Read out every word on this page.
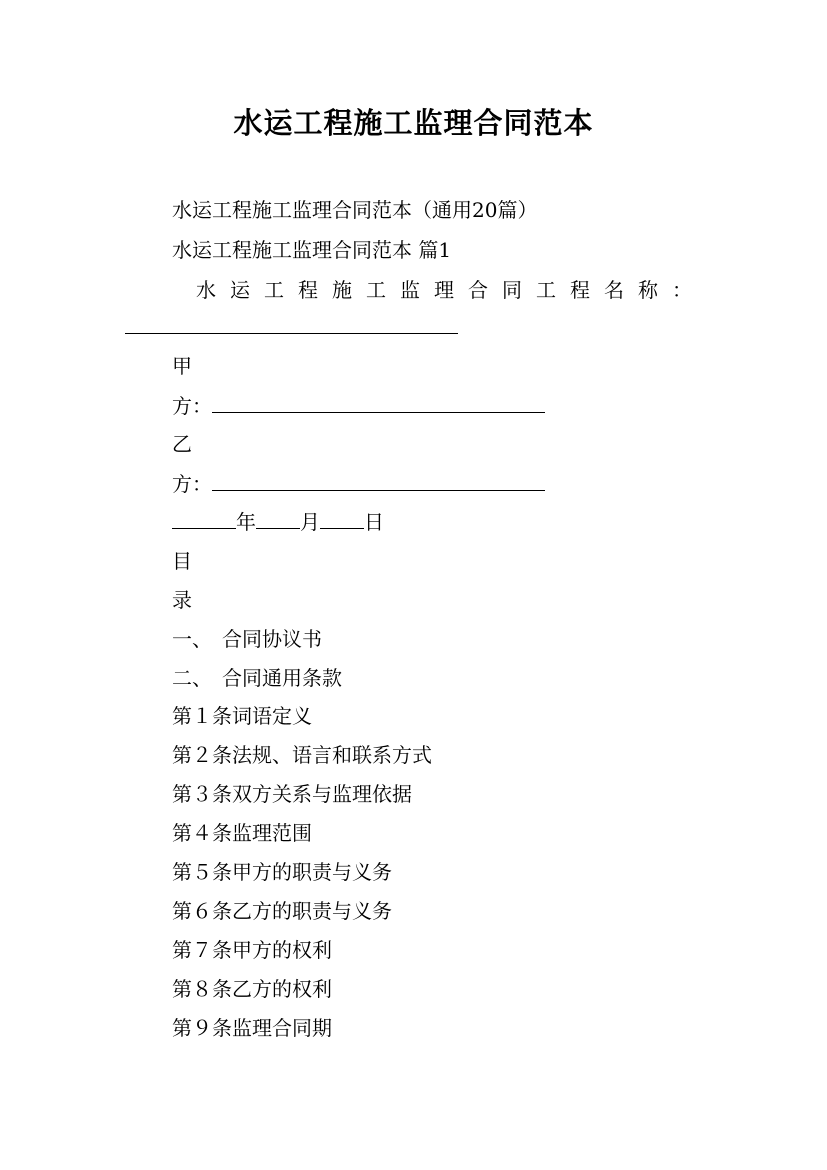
水运工程施工监理合同范本
水运工程施工监理合同范本（通用20篇）
水运工程施工监理合同范本 篇1
水 运 工 程 施 工 监 理 合 同 工 程 名 称 ：
甲
方：
乙
方：
年 月 日
目
录
一、　合同协议书
二、　合同通用条款
第１条词语定义
第２条法规、语言和联系方式
第３条双方关系与监理依据
第４条监理范围
第５条甲方的职责与义务
第６条乙方的职责与义务
第７条甲方的权利
第８条乙方的权利
第９条监理合同期
